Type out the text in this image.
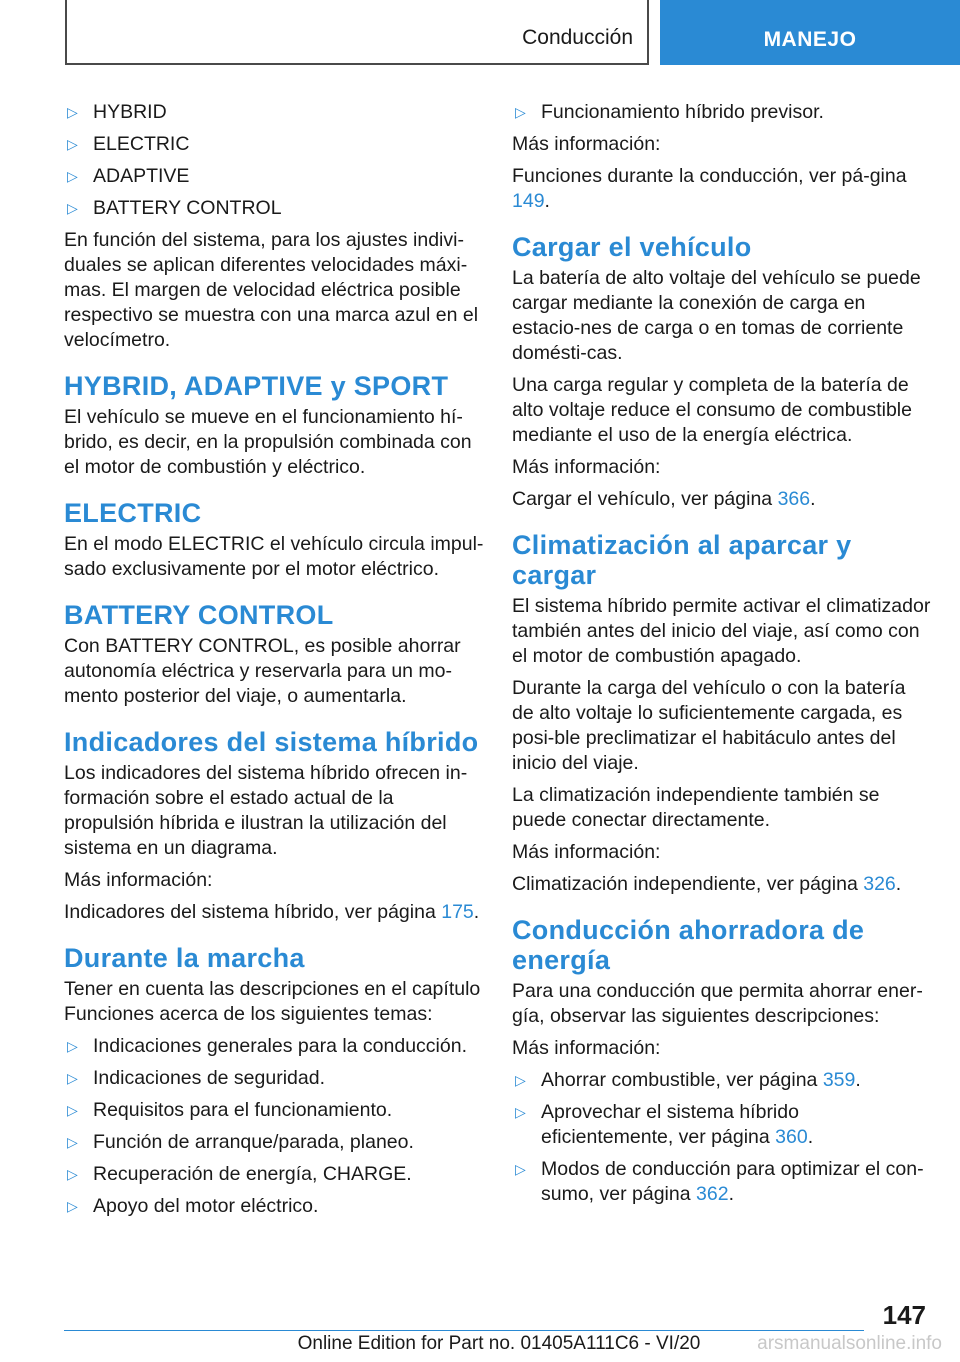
Conducción	MANEJO
▷ HYBRID
▷ ELECTRIC
▷ ADAPTIVE
▷ BATTERY CONTROL

En función del sistema, para los ajustes indivi-duales se aplican diferentes velocidades máxi-mas. El margen de velocidad eléctrica posible respectivo se muestra con una marca azul en el velocímetro.

HYBRID, ADAPTIVE y SPORT

El vehículo se mueve en el funcionamiento hí-brido, es decir, en la propulsión combinada con el motor de combustión y eléctrico.

ELECTRIC

En el modo ELECTRIC el vehículo circula impul-sado exclusivamente por el motor eléctrico.

BATTERY CONTROL

Con BATTERY CONTROL, es posible ahorrar autonomía eléctrica y reservarla para un mo-mento posterior del viaje, o aumentarla.

Indicadores del sistema híbrido

Los indicadores del sistema híbrido ofrecen in-formación sobre el estado actual de la propulsión híbrida e ilustran la utilización del sistema en un diagrama.

Más información:

Indicadores del sistema híbrido, ver página 175.

Durante la marcha

Tener en cuenta las descripciones en el capítulo Funciones acerca de los siguientes temas:

▷ Indicaciones generales para la conducción.
▷ Indicaciones de seguridad.
▷ Requisitos para el funcionamiento.
▷ Función de arranque/parada, planeo.
▷ Recuperación de energía, CHARGE.
▷ Apoyo del motor eléctrico.
▷ Funcionamiento híbrido previsor.

Más información:

Funciones durante la conducción, ver pá-gina 149.

Cargar el vehículo

La batería de alto voltaje del vehículo se puede cargar mediante la conexión de carga en estacio-nes de carga o en tomas de corriente domésti-cas.

Una carga regular y completa de la batería de alto voltaje reduce el consumo de combustible mediante el uso de la energía eléctrica.

Más información:

Cargar el vehículo, ver página 366.

Climatización al aparcar y cargar

El sistema híbrido permite activar el climatizador también antes del inicio del viaje, así como con el motor de combustión apagado.

Durante la carga del vehículo o con la batería de alto voltaje lo suficientemente cargada, es posi-ble preclimatizar el habitáculo antes del inicio del viaje.

La climatización independiente también se puede conectar directamente.

Más información:

Climatización independiente, ver página 326.

Conducción ahorradora de energía

Para una conducción que permita ahorrar ener-gía, observar las siguientes descripciones:

Más información:

▷ Ahorrar combustible, ver página 359.
▷ Aprovechar el sistema híbrido eficientemente, ver página 360.
▷ Modos de conducción para optimizar el con-sumo, ver página 362.
147
Online Edition for Part no. 01405A111C6 - VI/20	arsmanualsonline.info
